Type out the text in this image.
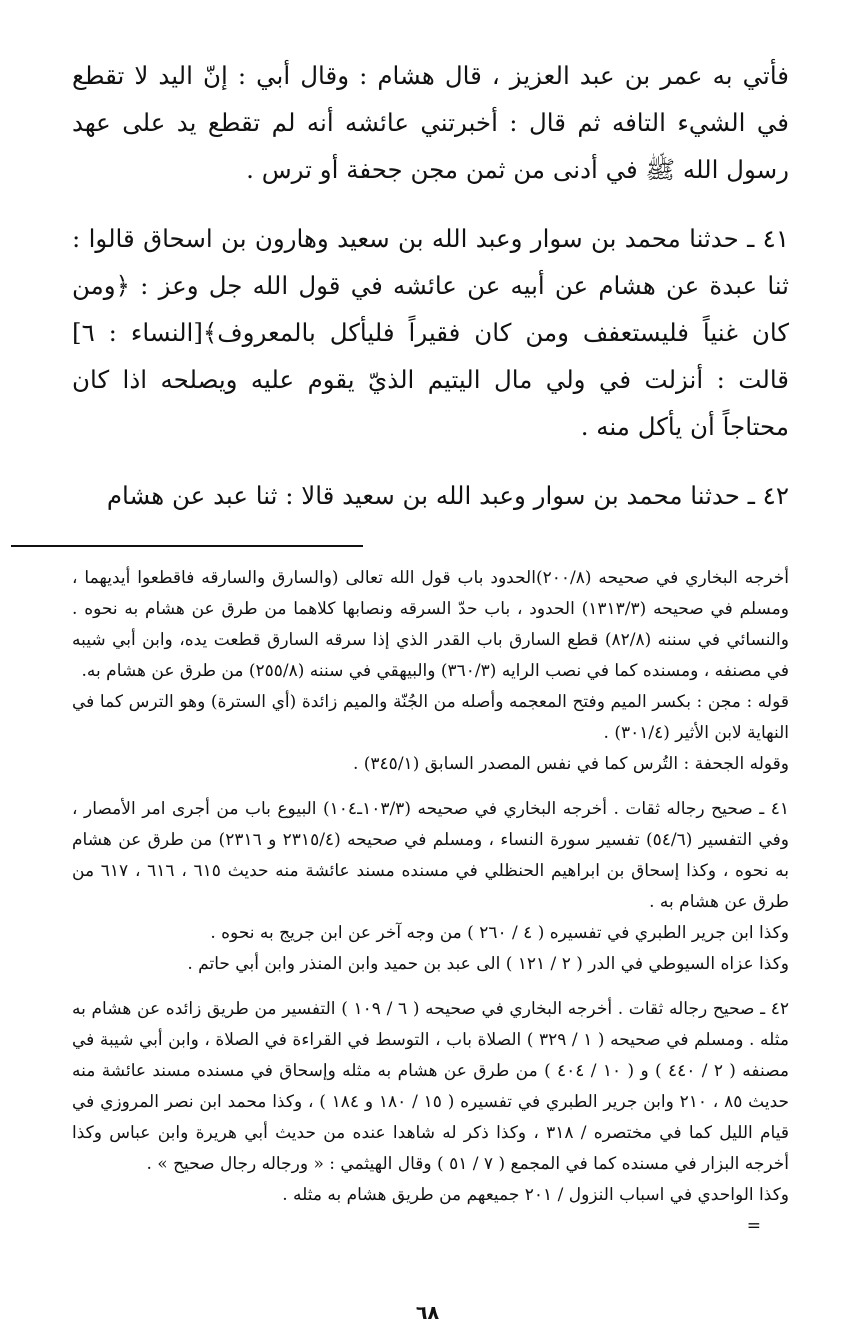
فأتي به عمر بن عبد العزيز ، قال هشام : وقال أبي : إنّ اليد لا تقطع في الشيء التافه ثم قال : أخبرتني عائشه أنه لم تقطع يد على عهد رسول الله ﷺ في أدنى من ثمن مجن جحفة أو ترس .

٤١ ـ حدثنا محمد بن سوار وعبد الله بن سعيد وهارون بن اسحاق قالوا : ثنا عبدة عن هشام عن أبيه عن عائشه في قول الله جل وعز : ﴿ومن كان غنياً فليستعفف ومن كان فقيراً فليأكل بالمعروف﴾[النساء : ٦] قالت : أنزلت في ولي مال اليتيم الذيّ يقوم عليه ويصلحه اذا كان محتاجاً أن يأكل منه .

٤٢ ـ حدثنا محمد بن سوار وعبد الله بن سعيد قالا : ثنا عبد عن هشام

أخرجه البخاري في صحيحه (٢٠٠/٨)الحدود باب قول الله تعالى (والسارق والسارقه فاقطعوا أيديهما ، ومسلم في صحيحه (١٣١٣/٣) الحدود ، باب حدّ السرقه ونصابها كلاهما من طرق عن هشام به نحوه . والنسائي في سننه (٨٢/٨) قطع السارق باب القدر الذي إذا سرقه السارق قطعت يده، وابن أبي شيبه في مصنفه ، ومسنده كما في نصب الرايه (٣٦٠/٣) والبيهقي في سننه (٢٥٥/٨) من طرق عن هشام به.

قوله : مجن : بكسر الميم وفتح المعجمه وأصله من الجُنّة والميم زائدة (أي السترة) وهو الترس كما في النهاية لابن الأثير (٣٠١/٤) .

وقوله الجحفة : التُرس كما في نفس المصدر السابق (٣٤٥/١) .

٤١ ـ صحيح رجاله ثقات . أخرجه البخاري في صحيحه (١٠٣/٣ـ١٠٤) البيوع باب من أجرى امر الأمصار ، وفي التفسير (٥٤/٦) تفسير سورة النساء ، ومسلم في صحيحه (٢٣١٥/٤ و ٢٣١٦) من طرق عن هشام به نحوه ، وكذا إسحاق بن ابراهيم الحنظلي في مسنده مسند عائشة منه حديث ٦١٥ ، ٦١٦ ، ٦١٧ من طرق عن هشام به .

وكذا ابن جرير الطبري في تفسيره ( ٤ / ٢٦٠ ) من وجه آخر عن ابن جريج به نحوه .

وكذا عزاه السيوطي في الدر ( ٢ / ١٢١ ) الى عبد بن حميد وابن المنذر وابن أبي حاتم .

٤٢ ـ صحيح رجاله ثقات . أخرجه البخاري في صحيحه ( ٦ / ١٠٩ ) التفسير من طريق زائده عن هشام به مثله . ومسلم في صحيحه ( ١ / ٣٢٩ ) الصلاة باب ، التوسط في القراءة في الصلاة ، وابن أبي شيبة في مصنفه ( ٢ / ٤٤٠ ) و ( ١٠ / ٤٠٤ ) من طرق عن هشام به مثله وإسحاق في مسنده مسند عائشة منه حديث ٨٥ ، ٢١٠ وابن جرير الطبري في تفسيره ( ١٥ / ١٨٠ و ١٨٤ ) ، وكذا محمد ابن نصر المروزي في قيام الليل كما في مختصره / ٣١٨ ، وكذا ذكر له شاهدا عنده من حديث أبي هريرة وابن عباس وكذا أخرجه البزار في مسنده كما في المجمع ( ٧ / ٥١ ) وقال الهيثمي : « ورجاله رجال صحيح » .

وكذا الواحدي في اسباب النزول / ٢٠١ جميعهم من طريق هشام به مثله .

=

٦٨
